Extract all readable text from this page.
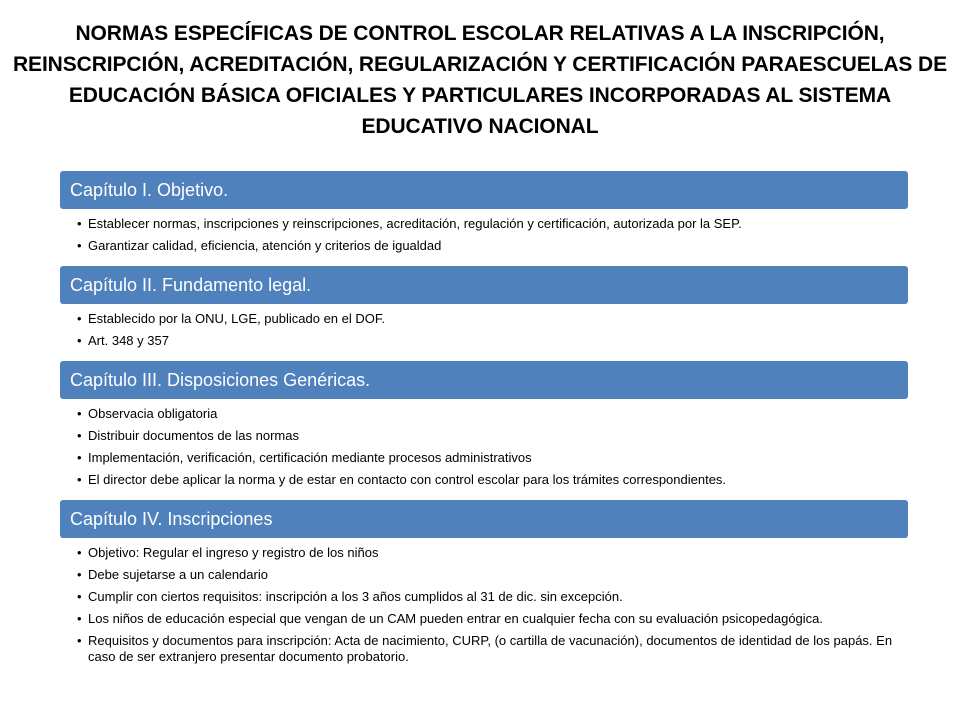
NORMAS ESPECÍFICAS DE CONTROL ESCOLAR RELATIVAS A LA INSCRIPCIÓN, REINSCRIPCIÓN, ACREDITACIÓN, REGULARIZACIÓN Y CERTIFICACIÓN PARAESCUELAS DE EDUCACIÓN BÁSICA OFICIALES Y PARTICULARES INCORPORADAS AL SISTEMA EDUCATIVO NACIONAL
Capítulo I. Objetivo.
• Establecer normas, inscripciones y reinscripciones, acreditación, regulación y certificación, autorizada por la SEP.
• Garantizar calidad, eficiencia, atención y criterios de igualdad
Capítulo II. Fundamento legal.
• Establecido por la ONU, LGE, publicado en el DOF.
• Art. 348 y 357
Capítulo III. Disposiciones Genéricas.
• Observacia obligatoria
• Distribuir documentos de las normas
• Implementación, verificación, certificación mediante procesos administrativos
• El director debe aplicar la norma y de estar en contacto con control escolar para los trámites correspondientes.
Capítulo IV. Inscripciones
• Objetivo: Regular el ingreso y registro de los niños
• Debe sujetarse a un calendario
• Cumplir con ciertos requisitos: inscripción a los 3 años cumplidos al 31 de dic. sin excepción.
• Los niños de educación especial que vengan de un CAM pueden entrar en cualquier fecha con su evaluación psicopedagógica.
• Requisitos y documentos para inscripción: Acta de nacimiento, CURP, (o cartilla de vacunación), documentos de identidad de los papás. En caso de ser extranjero presentar documento probatorio.
